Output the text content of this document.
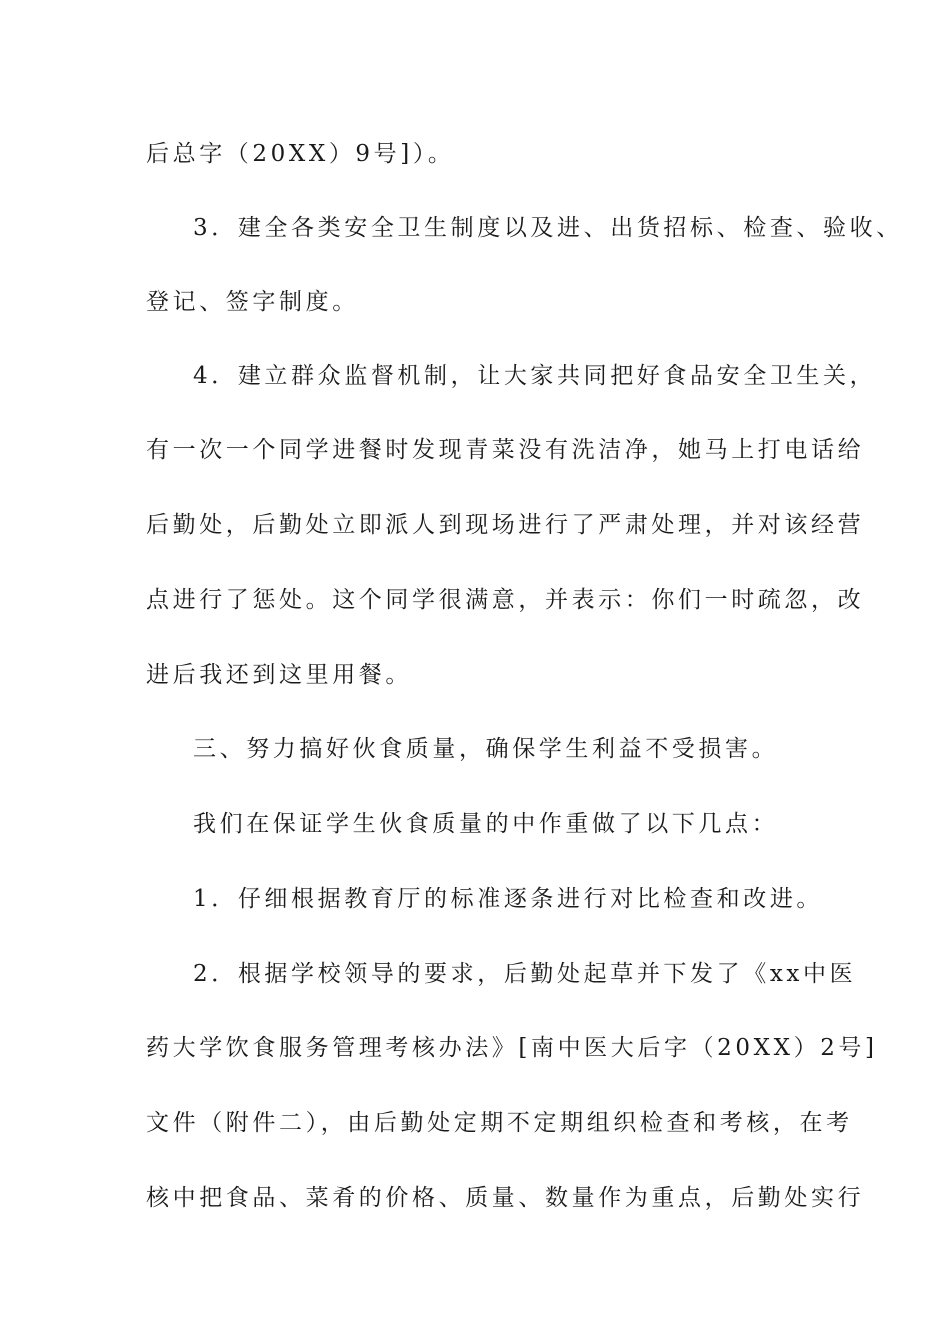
后总字（20XX）9号]）。

3．建全各类安全卫生制度以及进、出货招标、检查、验收、

登记、签字制度。

4．建立群众监督机制，让大家共同把好食品安全卫生关，

有一次一个同学进餐时发现青菜没有洗洁净，她马上打电话给

后勤处，后勤处立即派人到现场进行了严肃处理，并对该经营

点进行了惩处。这个同学很满意，并表示：你们一时疏忽，改

进后我还到这里用餐。

三、努力搞好伙食质量，确保学生利益不受损害。

我们在保证学生伙食质量的中作重做了以下几点：

1．仔细根据教育厅的标准逐条进行对比检查和改进。

2．根据学校领导的要求，后勤处起草并下发了《xx中医

药大学饮食服务管理考核办法》[南中医大后字（20XX）2号]

文件（附件二），由后勤处定期不定期组织检查和考核，在考

核中把食品、菜肴的价格、质量、数量作为重点，后勤处实行
